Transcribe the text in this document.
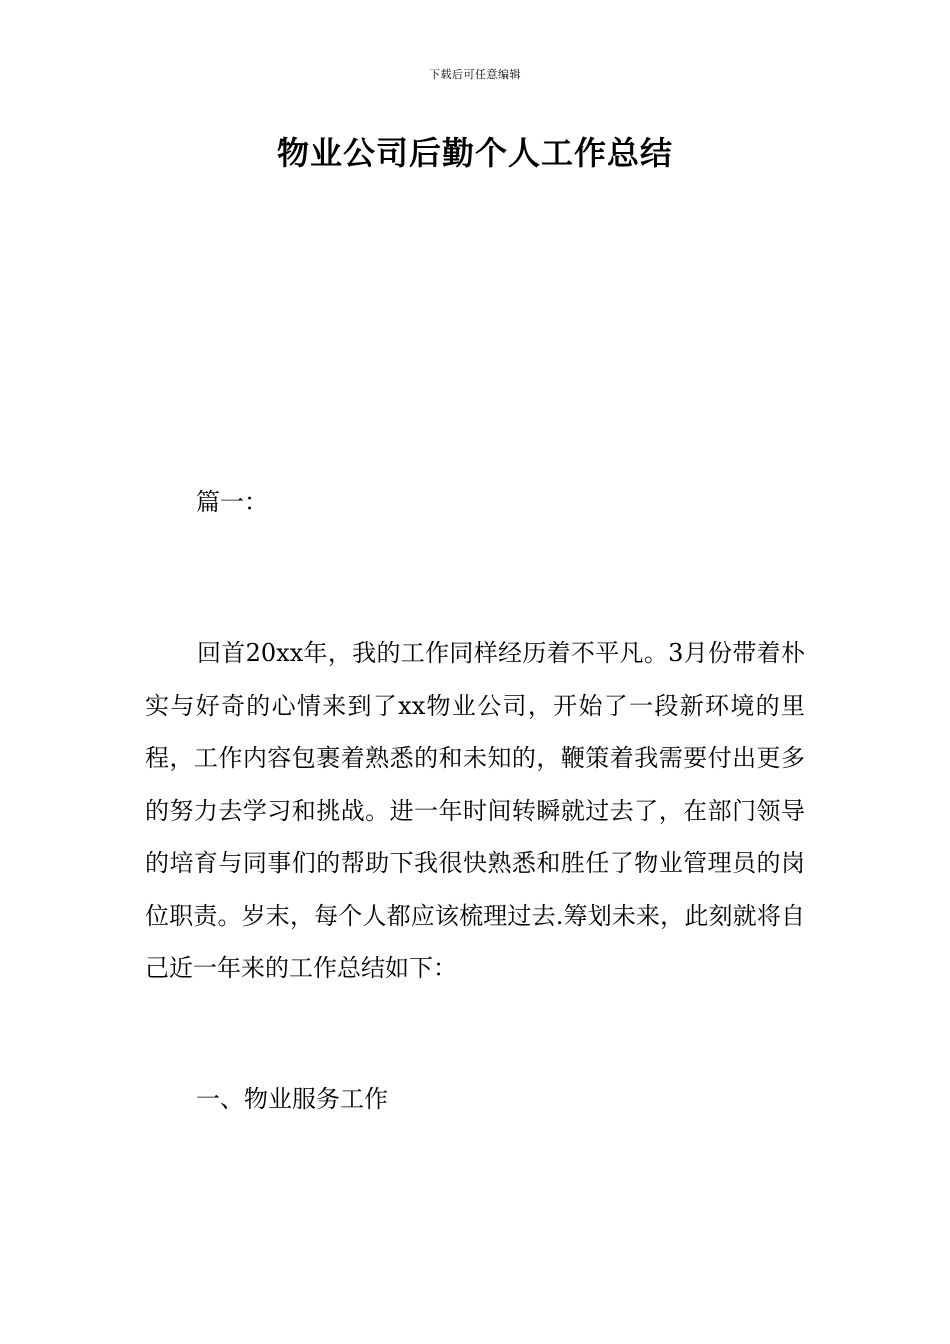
下载后可任意编辑
物业公司后勤个人工作总结
篇一：

回首20xx年，我的工作同样经历着不平凡。3月份带着朴实与好奇的心情来到了xx物业公司，开始了一段新环境的里程，工作内容包裹着熟悉的和未知的，鞭策着我需要付出更多的努力去学习和挑战。进一年时间转瞬就过去了，在部门领导的培育与同事们的帮助下我很快熟悉和胜任了物业管理员的岗位职责。岁末，每个人都应该梳理过去.筹划未来，此刻就将自己近一年来的工作总结如下：

一、物业服务工作
